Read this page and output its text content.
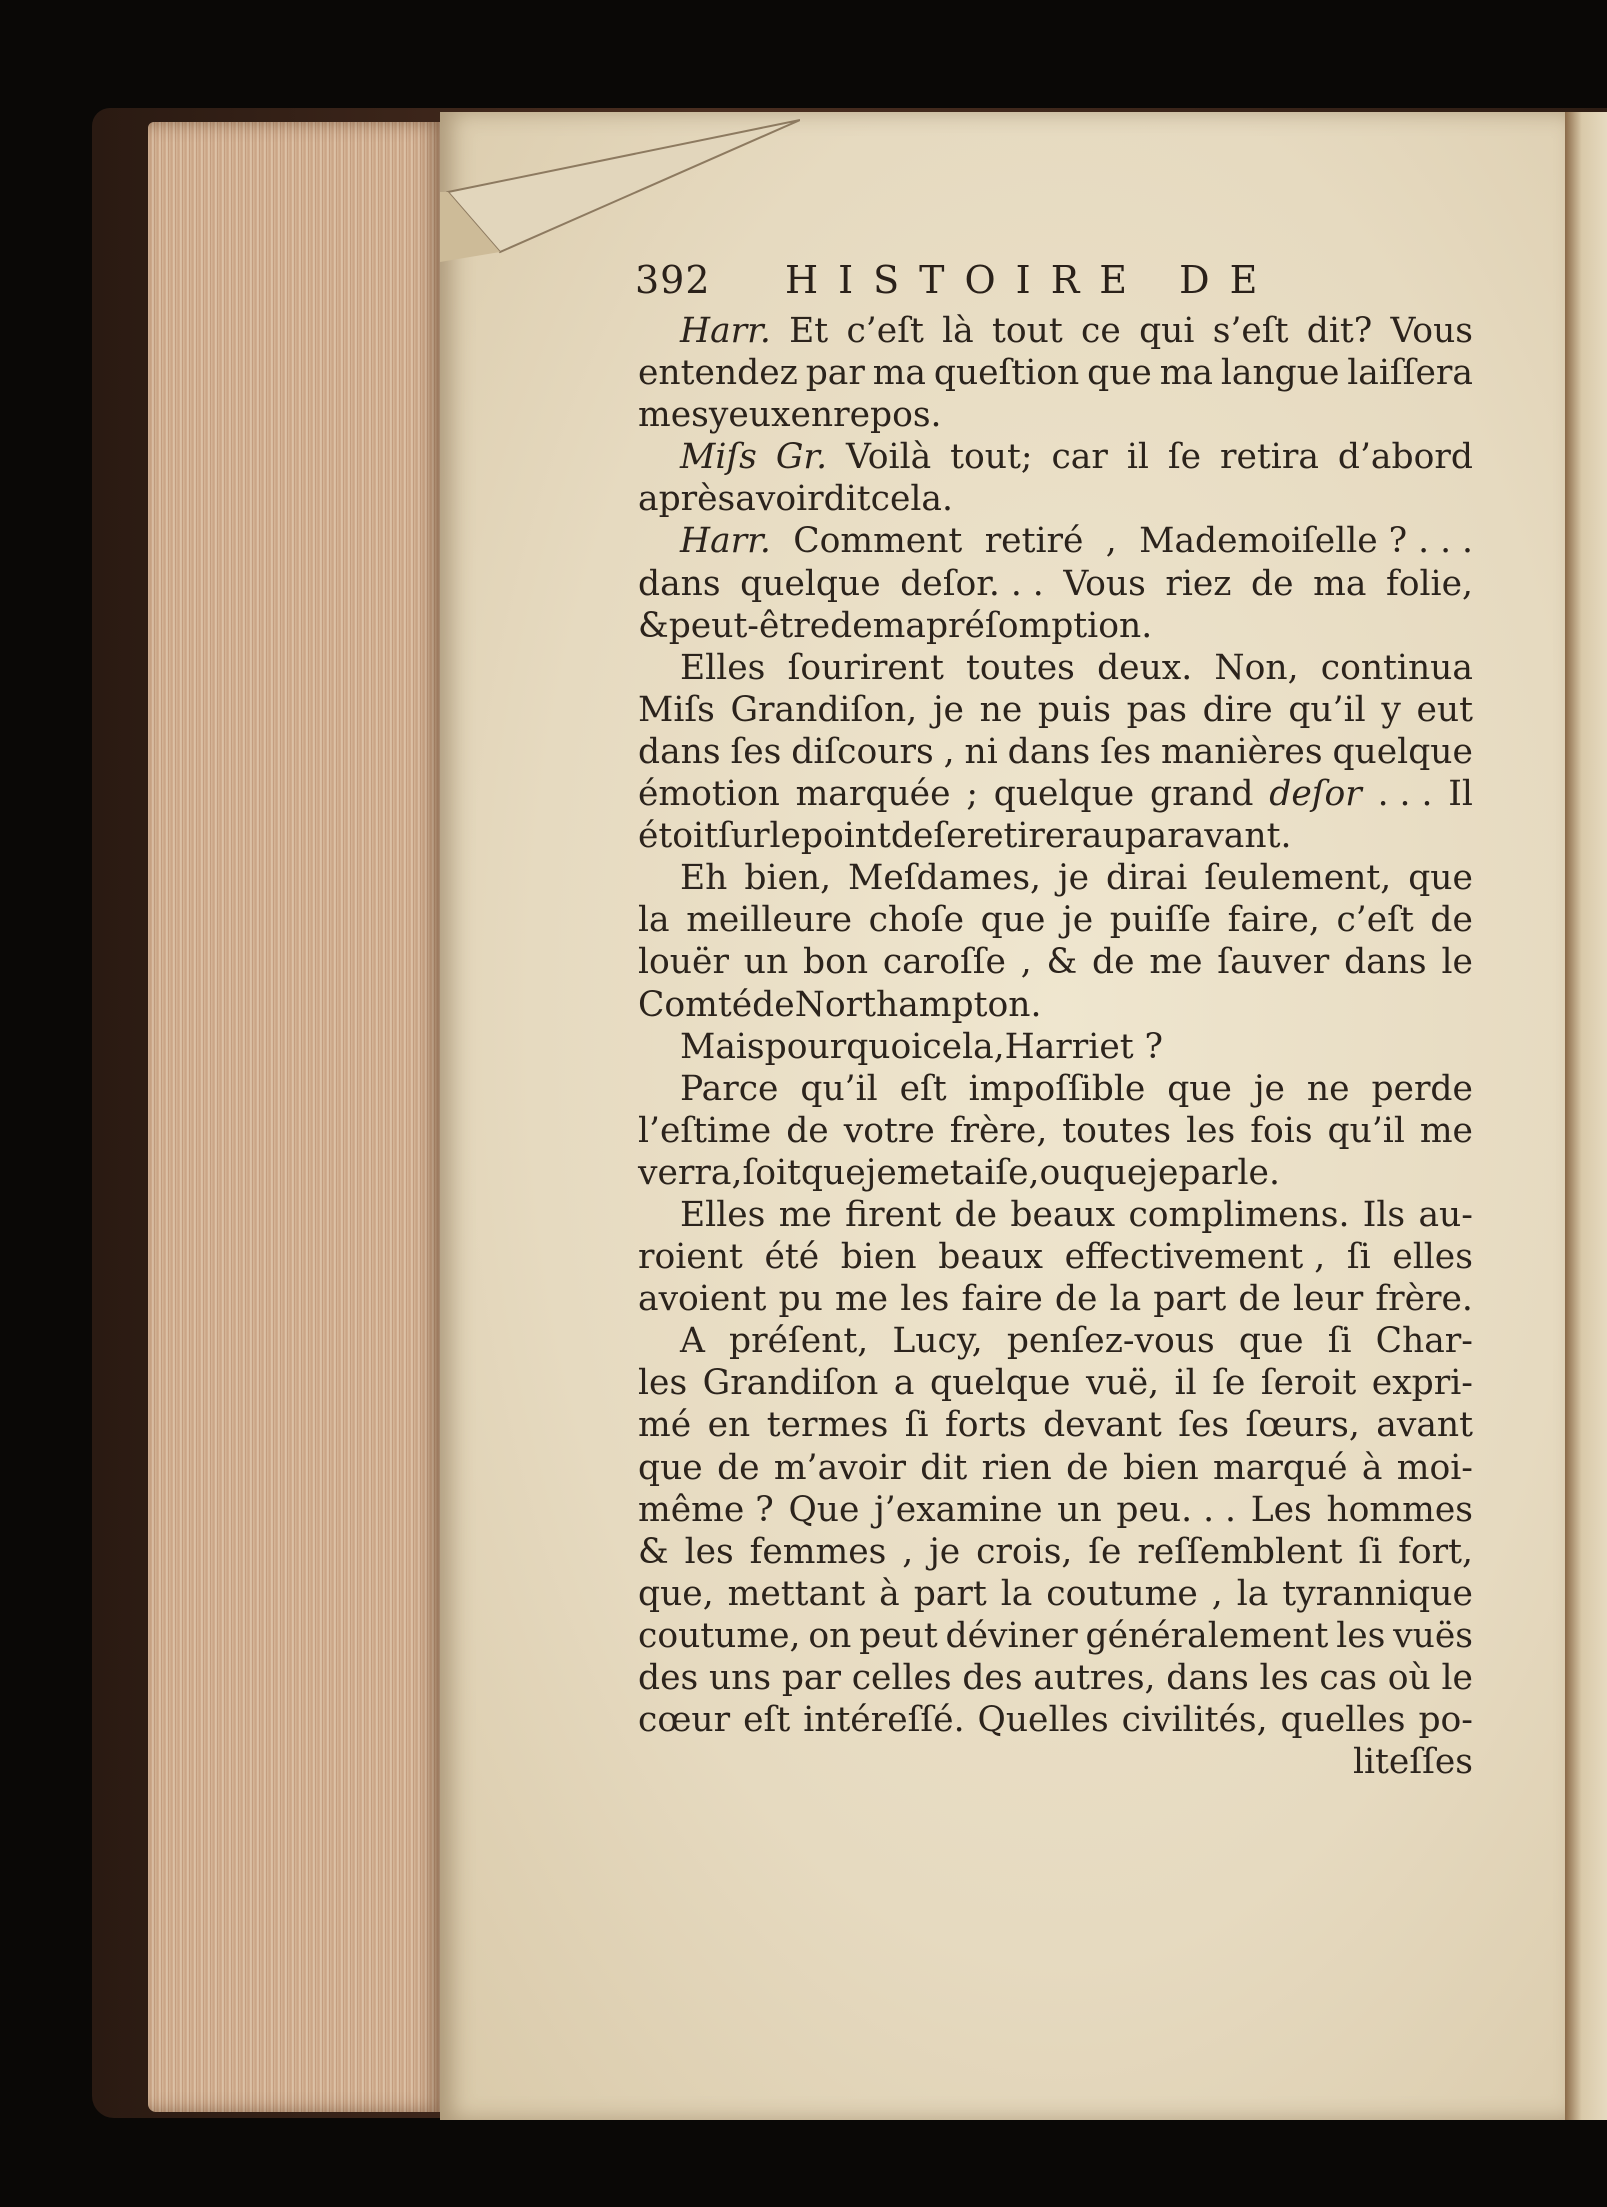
392 HISTOIRE DE
Harr. Et c’eſt là tout ce qui s’eſt dit? Vous
entendez par ma queſtion que ma langue laiſſera
mes yeux en repos.
Miſs Gr. Voilà tout; car il ſe retira d’abord
après avoir dit cela.
Harr. Comment retiré , Mademoiſelle ? . . .
dans quelque deſor. . . Vous riez de ma folie,
& peut-être de ma préſomption.
Elles ſourirent toutes deux. Non, continua
Miſs Grandiſon, je ne puis pas dire qu’il y eut
dans ſes diſcours , ni dans ſes manières quelque
émotion marquée ; quelque grand deſor . . . Il
étoit ſur le point de ſe retirer auparavant.
Eh bien, Meſdames, je dirai ſeulement, que
la meilleure choſe que je puiſſe faire, c’eſt de
louër un bon caroſſe , & de me ſauver dans le
Comté de Northampton.
Mais pourquoi cela, Harriet ?
Parce qu’il eſt impoſſible que je ne perde
l’eſtime de votre frère, toutes les fois qu’il me
verra, ſoit que je me taiſe, ou que je parle.
Elles me firent de beaux complimens. Ils au-
roient été bien beaux effectivement , ſi elles
avoient pu me les faire de la part de leur frère.
A préſent, Lucy, penſez-vous que ſi Char-
les Grandiſon a quelque vuë, il ſe ſeroit expri-
mé en termes ſi forts devant ſes ſœurs, avant
que de m’avoir dit rien de bien marqué à moi-
même ? Que j’examine un peu. . . Les hommes
& les femmes , je crois, ſe reſſemblent ſi fort,
que, mettant à part la coutume , la tyrannique
coutume, on peut déviner généralement les vuës
des uns par celles des autres, dans les cas où le
cœur eſt intéreſſé. Quelles civilités, quelles po-
liteſſes
